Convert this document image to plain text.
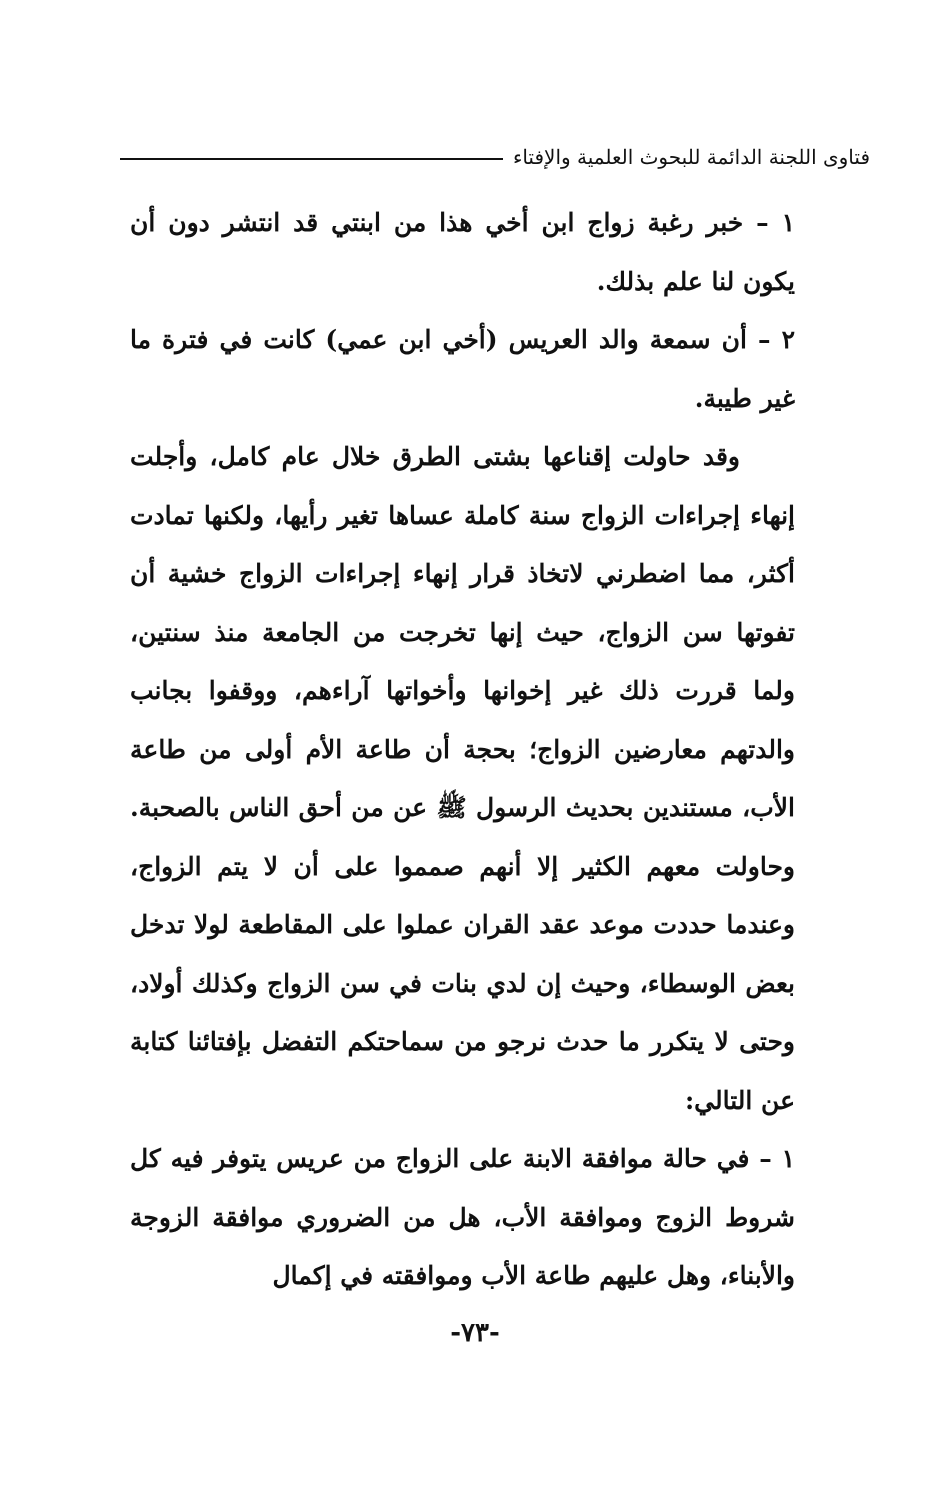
فتاوى اللجنة الدائمة للبحوث العلمية والإفتاء

١ – خبر رغبة زواج ابن أخي هذا من ابنتي قد انتشر دون أن يكون لنا علم بذلك.

٢ – أن سمعة والد العريس (أخي ابن عمي) كانت في فترة ما غير طيبة.

وقد حاولت إقناعها بشتى الطرق خلال عام كامل، وأجلت إنهاء إجراءات الزواج سنة كاملة عساها تغير رأيها، ولكنها تمادت أكثر، مما اضطرني لاتخاذ قرار إنهاء إجراءات الزواج خشية أن تفوتها سن الزواج، حيث إنها تخرجت من الجامعة منذ سنتين، ولما قررت ذلك غير إخوانها وأخواتها آراءهم، ووقفوا بجانب والدتهم معارضين الزواج؛ بحجة أن طاعة الأم أولى من طاعة الأب، مستندين بحديث الرسول ﷺ عن من أحق الناس بالصحبة. وحاولت معهم الكثير إلا أنهم صمموا على أن لا يتم الزواج، وعندما حددت موعد عقد القران عملوا على المقاطعة لولا تدخل بعض الوسطاء، وحيث إن لدي بنات في سن الزواج وكذلك أولاد، وحتى لا يتكرر ما حدث نرجو من سماحتكم التفضل بإفتائنا كتابة عن التالي:

١ – في حالة موافقة الابنة على الزواج من عريس يتوفر فيه كل شروط الزوج وموافقة الأب، هل من الضروري موافقة الزوجة والأبناء، وهل عليهم طاعة الأب وموافقته في إكمال

-٧٣-
